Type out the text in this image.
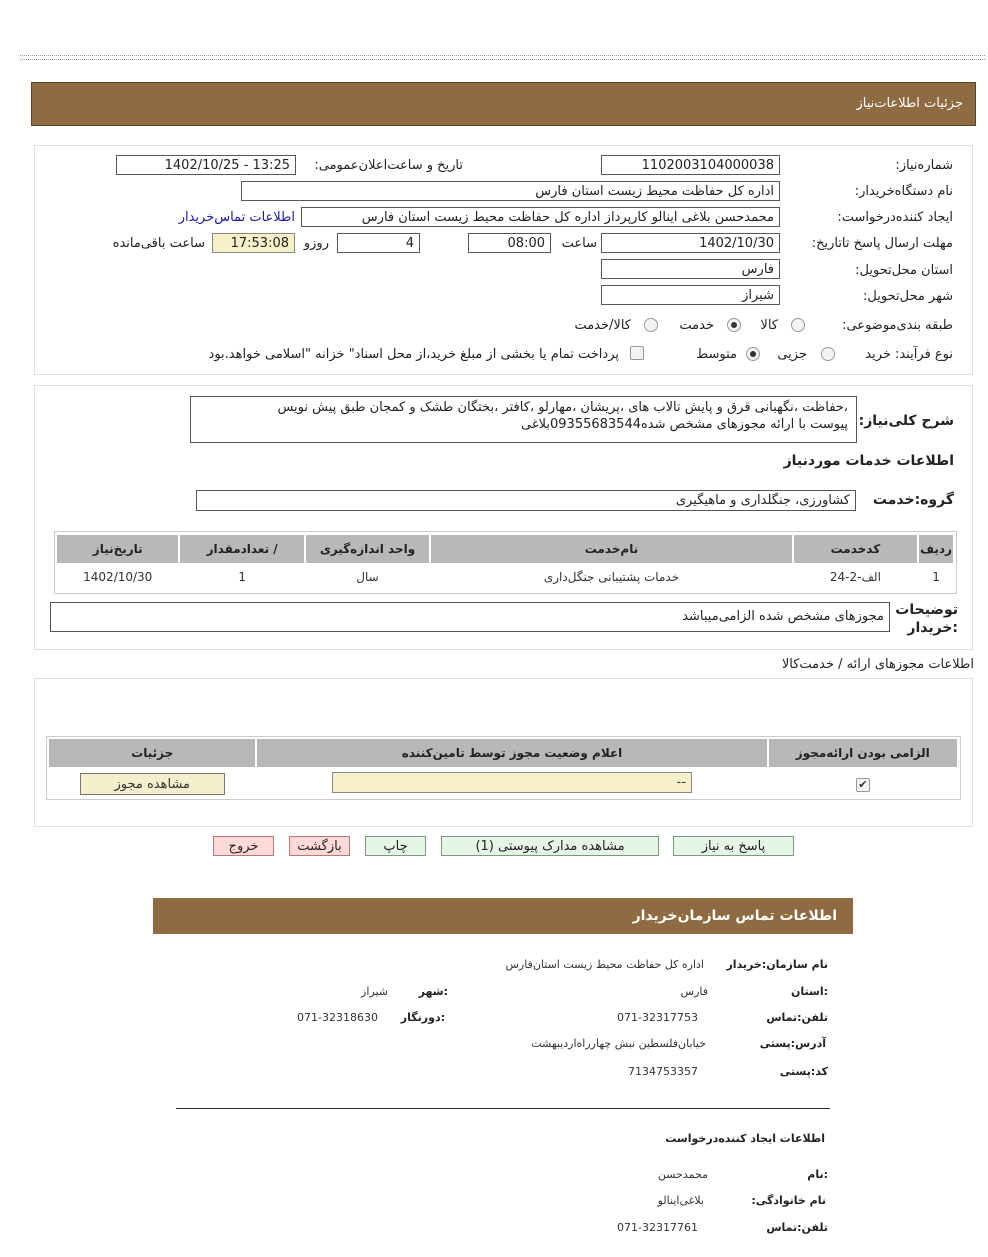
جزئیات اطلاعات‌نیاز
شماره‌نیاز:
1102003104000038
تاریخ و ساعت‌اعلان‌عمومی:
1402/10/25 - 13:25
نام دستگاه‌خریدار:
اداره کل حفاظت محیط زیست استان فارس
ایجاد کننده‌درخواست:
محمدحسن بلاغی اینالو کارپرداز اداره کل حفاظت محیط زیست استان فارس
اطلاعات تماس‌خریدار
مهلت ارسال پاسخ تا‌تاریخ:
1402/10/30
ساعت
08:00
4
روزو
17:53:08
ساعت باقی‌مانده
استان محل‌تحویل:
فارس
شهر محل‌تحویل:
شیراز
طبقه بندی‌موضوعی:
کالا
خدمت
کالا/خدمت
نوع فرآیند: خرید
جزیی
متوسط
پرداخت تمام یا بخشی از مبلغ خرید،از محل اسناد" خزانه "اسلامی خواهد.بود
شرح کلی‌نیاز:
،حفاظت ،نگهبانی قرق و پایش تالاب های ،پریشان ،مهارلو ،کافتر ،بختگان طشک و کمجان طبق پیش نویس
پیوست با ارائه مجوزهای مشخص شده09355683544بلاغی
اطلاعات خدمات موردنیاز
گروه:خدمت
کشاورزی، جنگلداری و ماهیگیری
ردیف	کدخدمت	نام‌خدمت	واحد اندازه‌گیری	/ تعدادمقدار	تاریخ‌نیاز
1	الف-2-24	خدمات پشتیبانی جنگل‌داری	سال	1	1402/10/30
توضیحات
:خریدار
مجوزهای مشخص شده الزامی‌میباشد
اطلاعات مجوزهای ارائه / خدمت‌کالا
الزامی بودن ارائه‌مجوز	اعلام وضعیت مجوز توسط تامین‌کننده	جزئیات
✔	--	مشاهده مجوز
پاسخ به نیاز
مشاهده مدارک پیوستی (1)
چاپ
بازگشت
خروج
اطلاعات تماس سازمان‌خریدار
نام سازمان‌:خریدار
اداره کل حفاظت محیط زیست استان‌فارس
:استان
فارس
:شهر
شیراز
تلفن‌:تماس
071-32317753
:دورنگار
071-32318630
آدرس‌:پستی
خیابان‌فلسطین نبش چهارراه‌اردیبهشت
کد‌:پستی
7134753357
اطلاعات ایجاد کننده‌درخواست
:نام
محمدحسن
نام خانوادگی:
بلاغی‌اینالو
تلفن‌:تماس
071-32317761
